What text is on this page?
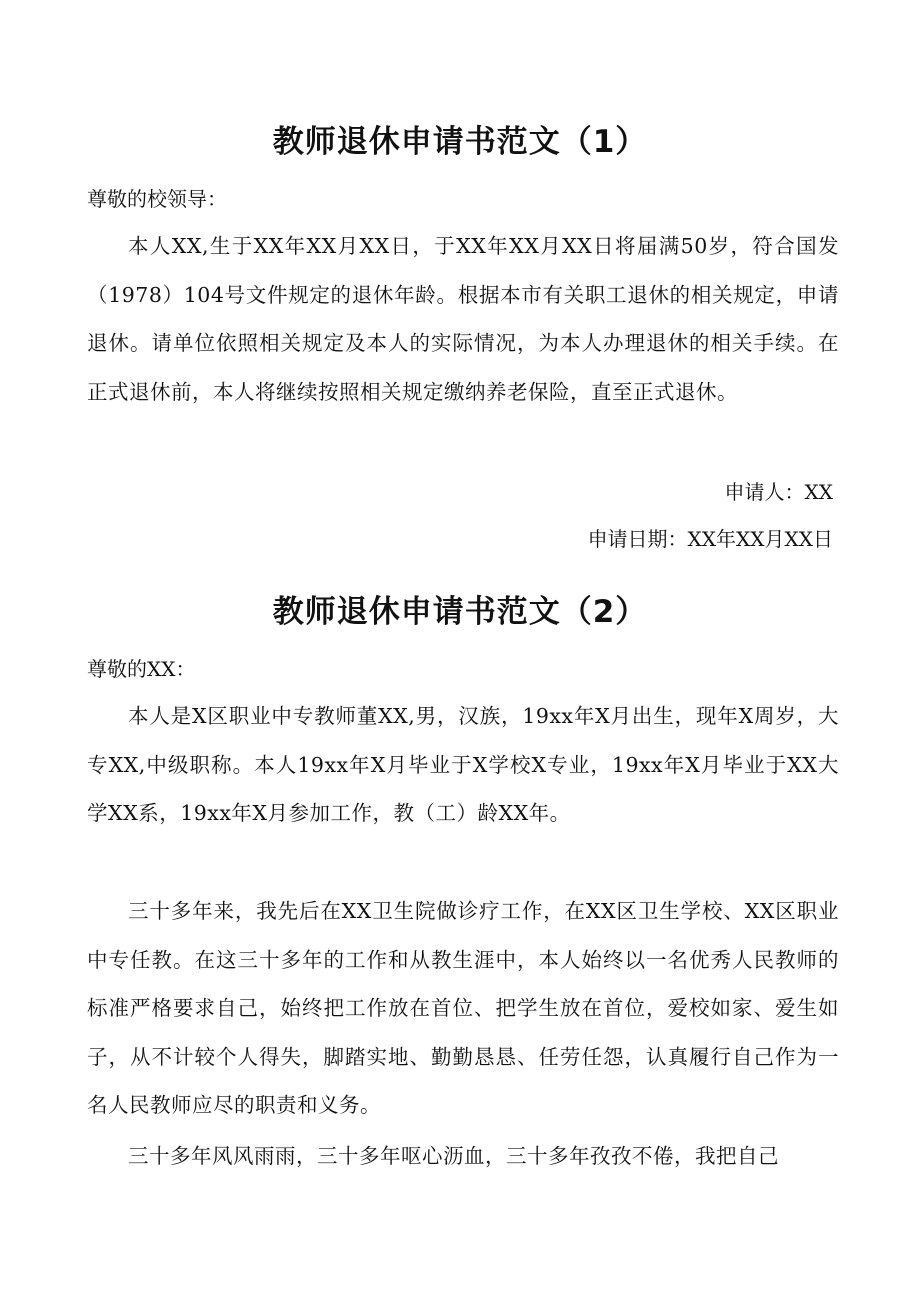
教师退休申请书范文（1）

尊敬的校领导：

本人XX,生于XX年XX月XX日，于XX年XX月XX日将届满50岁，符合国发（1978）104号文件规定的退休年龄。根据本市有关职工退休的相关规定，申请退休。请单位依照相关规定及本人的实际情况，为本人办理退休的相关手续。在正式退休前，本人将继续按照相关规定缴纳养老保险，直至正式退休。

申请人：XX

申请日期：XX年XX月XX日

教师退休申请书范文（2）

尊敬的XX：

本人是X区职业中专教师董XX,男，汉族，19xx年X月出生，现年X周岁，大专XX,中级职称。本人19xx年X月毕业于X学校X专业，19xx年X月毕业于XX大学XX系，19xx年X月参加工作，教（工）龄XX年。

三十多年来，我先后在XX卫生院做诊疗工作，在XX区卫生学校、XX区职业中专任教。在这三十多年的工作和从教生涯中，本人始终以一名优秀人民教师的标准严格要求自己，始终把工作放在首位、把学生放在首位，爱校如家、爱生如子，从不计较个人得失，脚踏实地、勤勤恳恳、任劳任怨，认真履行自己作为一名人民教师应尽的职责和义务。

三十多年风风雨雨，三十多年呕心沥血，三十多年孜孜不倦，我把自己
